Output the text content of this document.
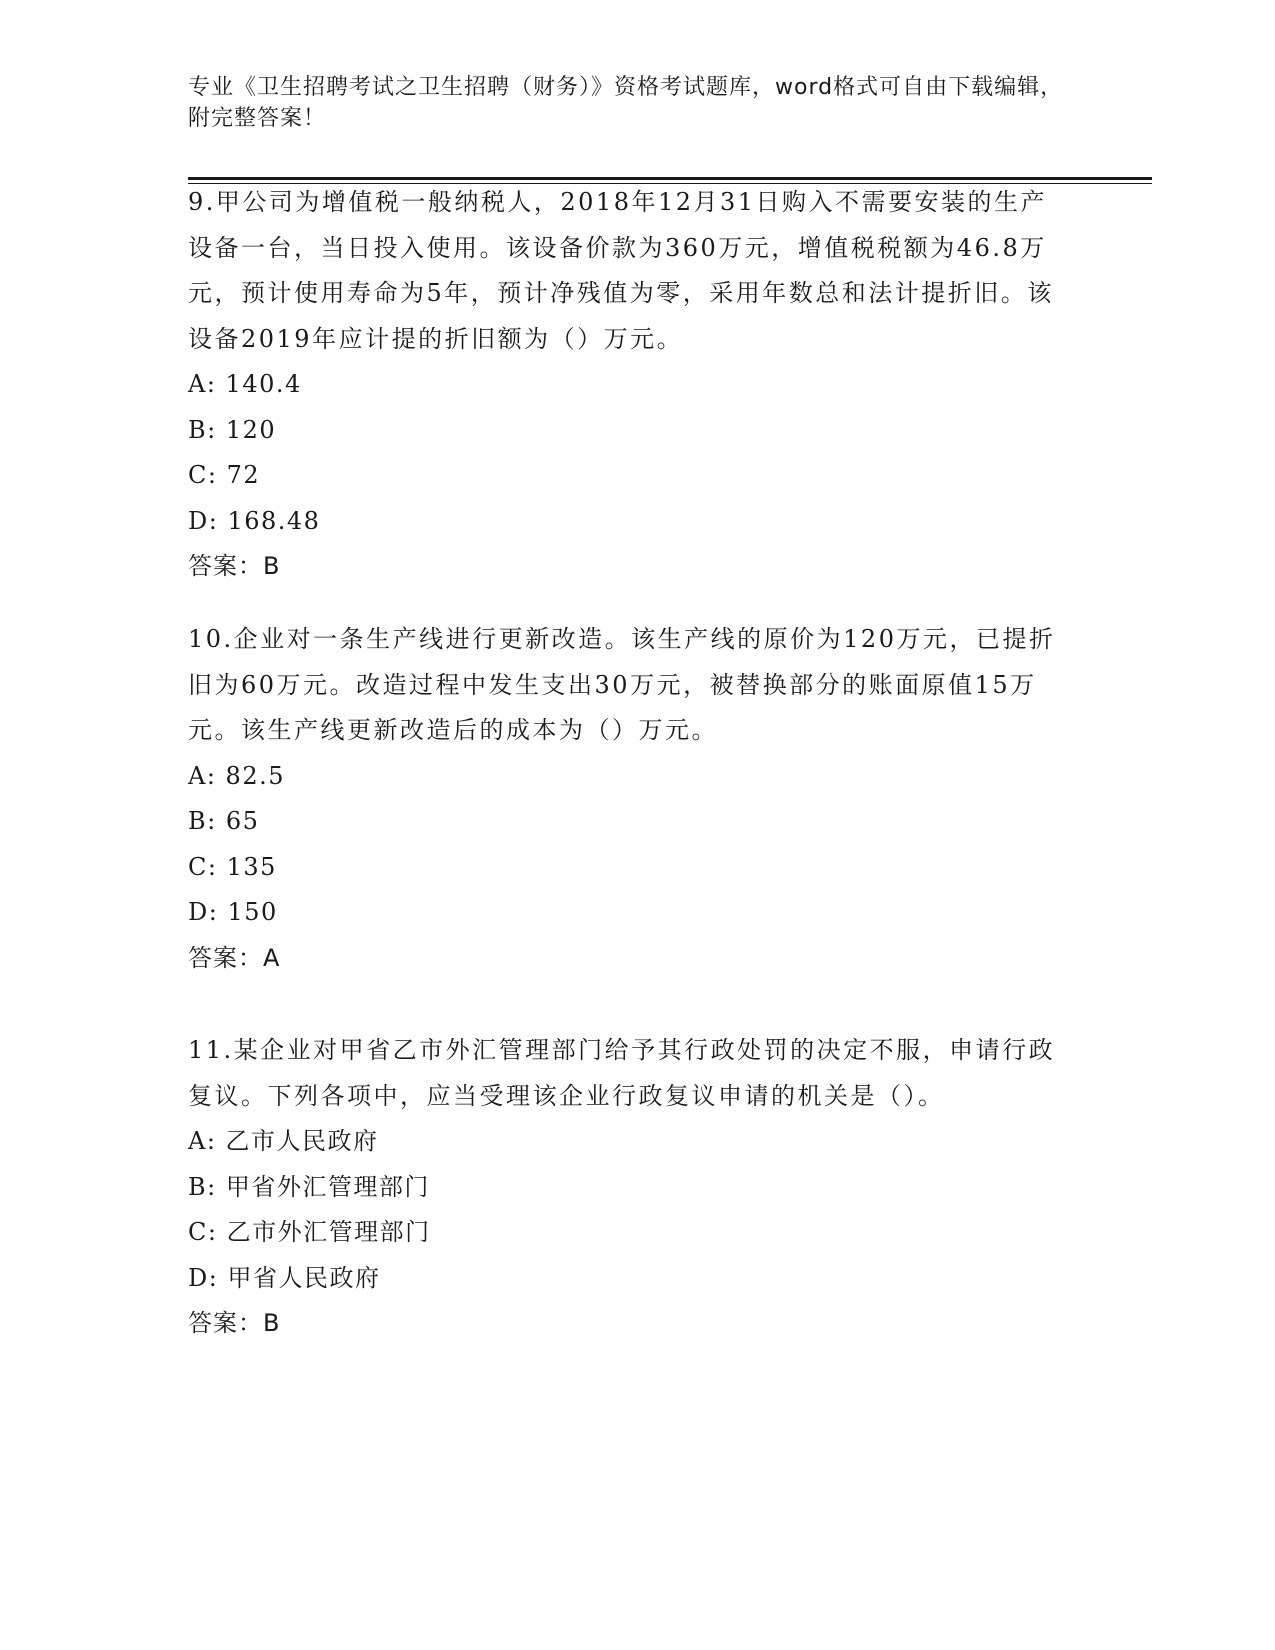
专业《卫生招聘考试之卫生招聘（财务）》资格考试题库，word格式可自由下载编辑，附完整答案！

9.甲公司为增值税一般纳税人，2018年12月31日购入不需要安装的生产设备一台，当日投入使用。该设备价款为360万元，增值税税额为46.8万元，预计使用寿命为5年，预计净残值为零，采用年数总和法计提折旧。该设备2019年应计提的折旧额为（）万元。

A: 140.4

B: 120

C: 72

D: 168.48

答案：B

10.企业对一条生产线进行更新改造。该生产线的原价为120万元，已提折旧为60万元。改造过程中发生支出30万元，被替换部分的账面原值15万元。该生产线更新改造后的成本为（）万元。

A: 82.5

B: 65

C: 135

D: 150

答案：A

11.某企业对甲省乙市外汇管理部门给予其行政处罚的决定不服，申请行政复议。下列各项中，应当受理该企业行政复议申请的机关是（）。

A: 乙市人民政府

B: 甲省外汇管理部门

C: 乙市外汇管理部门

D: 甲省人民政府

答案：B
